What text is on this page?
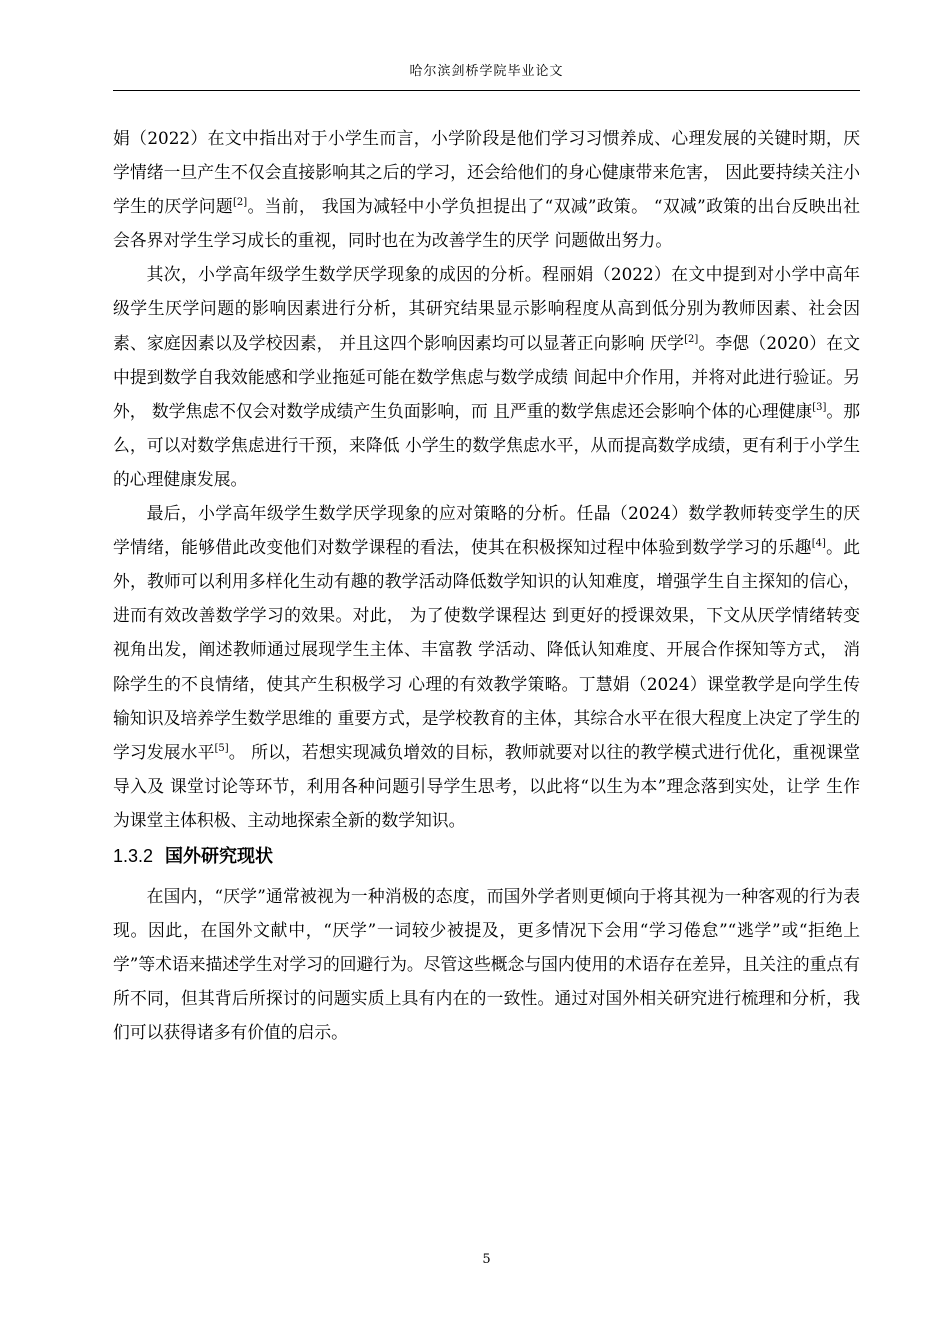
哈尔滨剑桥学院毕业论文

娟（2022）在文中指出对于小学生而言，小学阶段是他们学习习惯养成、心理发展的关键时期，厌学情绪一旦产生不仅会直接影响其之后的学习，还会给他们的身心健康带来危害， 因此要持续关注小学生的厌学问题[2]。当前， 我国为减轻中小学负担提出了“双减”政策。 “双减”政策的出台反映出社会各界对学生学习成长的重视，同时也在为改善学生的厌学 问题做出努力。

其次，小学高年级学生数学厌学现象的成因的分析。程丽娟（2022）在文中提到对小学中高年级学生厌学问题的影响因素进行分析，其研究结果显示影响程度从高到低分别为教师因素、社会因素、家庭因素以及学校因素， 并且这四个影响因素均可以显著正向影响 厌学[2]。李偲（2020）在文中提到数学自我效能感和学业拖延可能在数学焦虑与数学成绩 间起中介作用，并将对此进行验证。另外， 数学焦虑不仅会对数学成绩产生负面影响，而 且严重的数学焦虑还会影响个体的心理健康[3]。那么，可以对数学焦虑进行干预，来降低 小学生的数学焦虑水平，从而提高数学成绩，更有利于小学生的心理健康发展。

最后，小学高年级学生数学厌学现象的应对策略的分析。任晶（2024）数学教师转变学生的厌学情绪，能够借此改变他们对数学课程的看法，使其在积极探知过程中体验到数学学习的乐趣[4]。此外，教师可以利用多样化生动有趣的教学活动降低数学知识的认知难度，增强学生自主探知的信心，进而有效改善数学学习的效果。对此， 为了使数学课程达 到更好的授课效果，下文从厌学情绪转变视角出发，阐述教师通过展现学生主体、丰富教 学活动、降低认知难度、开展合作探知等方式， 消除学生的不良情绪，使其产生积极学习 心理的有效教学策略。丁慧娟（2024）课堂教学是向学生传输知识及培养学生数学思维的 重要方式，是学校教育的主体，其综合水平在很大程度上决定了学生的学习发展水平[5]。 所以，若想实现减负增效的目标，教师就要对以往的教学模式进行优化，重视课堂导入及 课堂讨论等环节，利用各种问题引导学生思考，以此将“以生为本”理念落到实处，让学 生作为课堂主体积极、主动地探索全新的数学知识。

1.3.2 国外研究现状

在国内，“厌学”通常被视为一种消极的态度，而国外学者则更倾向于将其视为一种客观的行为表现。因此，在国外文献中，“厌学”一词较少被提及，更多情况下会用“学习倦怠”“逃学”或“拒绝上学”等术语来描述学生对学习的回避行为。尽管这些概念与国内使用的术语存在差异，且关注的重点有所不同，但其背后所探讨的问题实质上具有内在的一致性。通过对国外相关研究进行梳理和分析，我们可以获得诸多有价值的启示。

5
